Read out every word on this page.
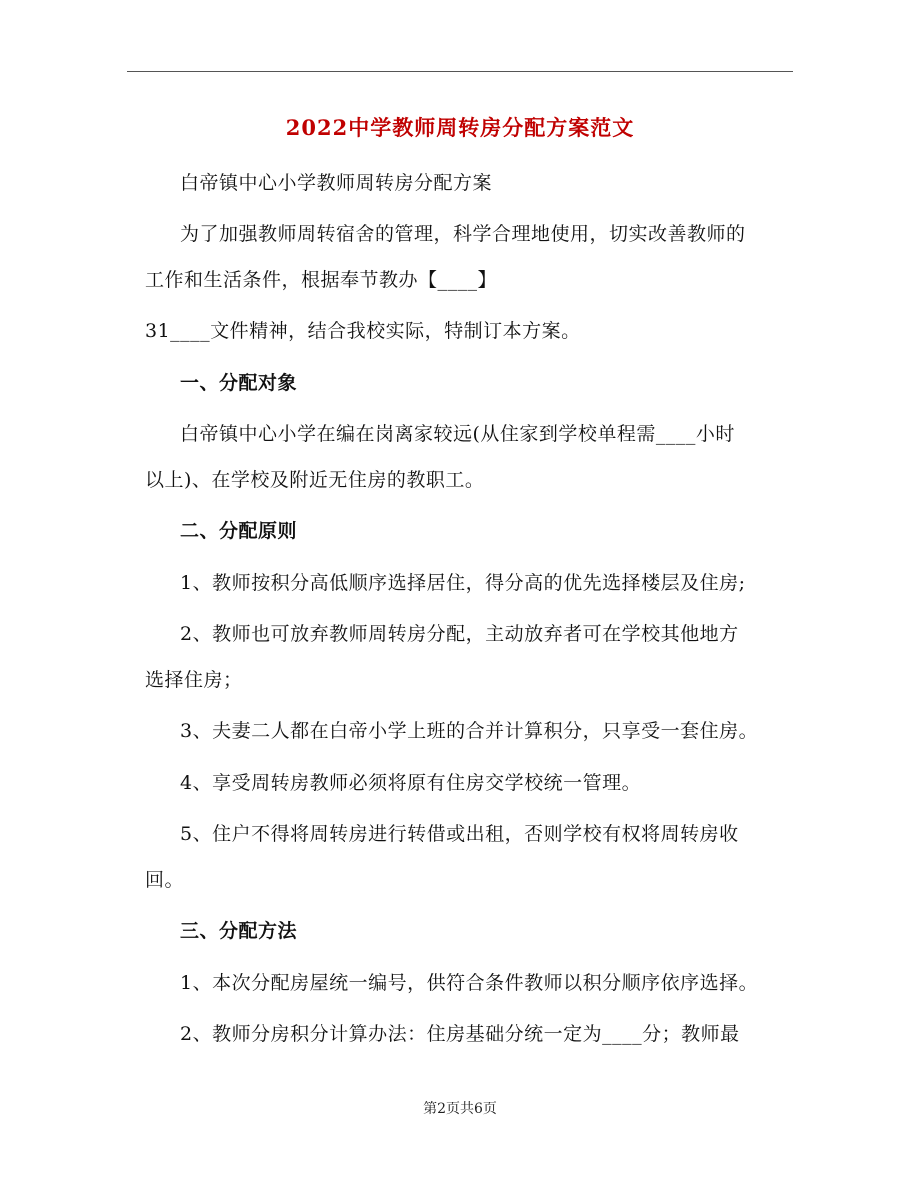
2022中学教师周转房分配方案范文

白帝镇中心小学教师周转房分配方案

为了加强教师周转宿舍的管理，科学合理地使用，切实改善教师的

工作和生活条件，根据奉节教办【____】

31____文件精神，结合我校实际，特制订本方案。

一、分配对象

白帝镇中心小学在编在岗离家较远(从住家到学校单程需____小时

以上)、在学校及附近无住房的教职工。

二、分配原则

1、教师按积分高低顺序选择居住，得分高的优先选择楼层及住房;

2、教师也可放弃教师周转房分配，主动放弃者可在学校其他地方

选择住房；

3、夫妻二人都在白帝小学上班的合并计算积分，只享受一套住房。

4、享受周转房教师必须将原有住房交学校统一管理。

5、住户不得将周转房进行转借或出租，否则学校有权将周转房收

回。

三、分配方法

1、本次分配房屋统一编号，供符合条件教师以积分顺序依序选择。

2、教师分房积分计算办法：住房基础分统一定为____分；教师最

第2页共6页
